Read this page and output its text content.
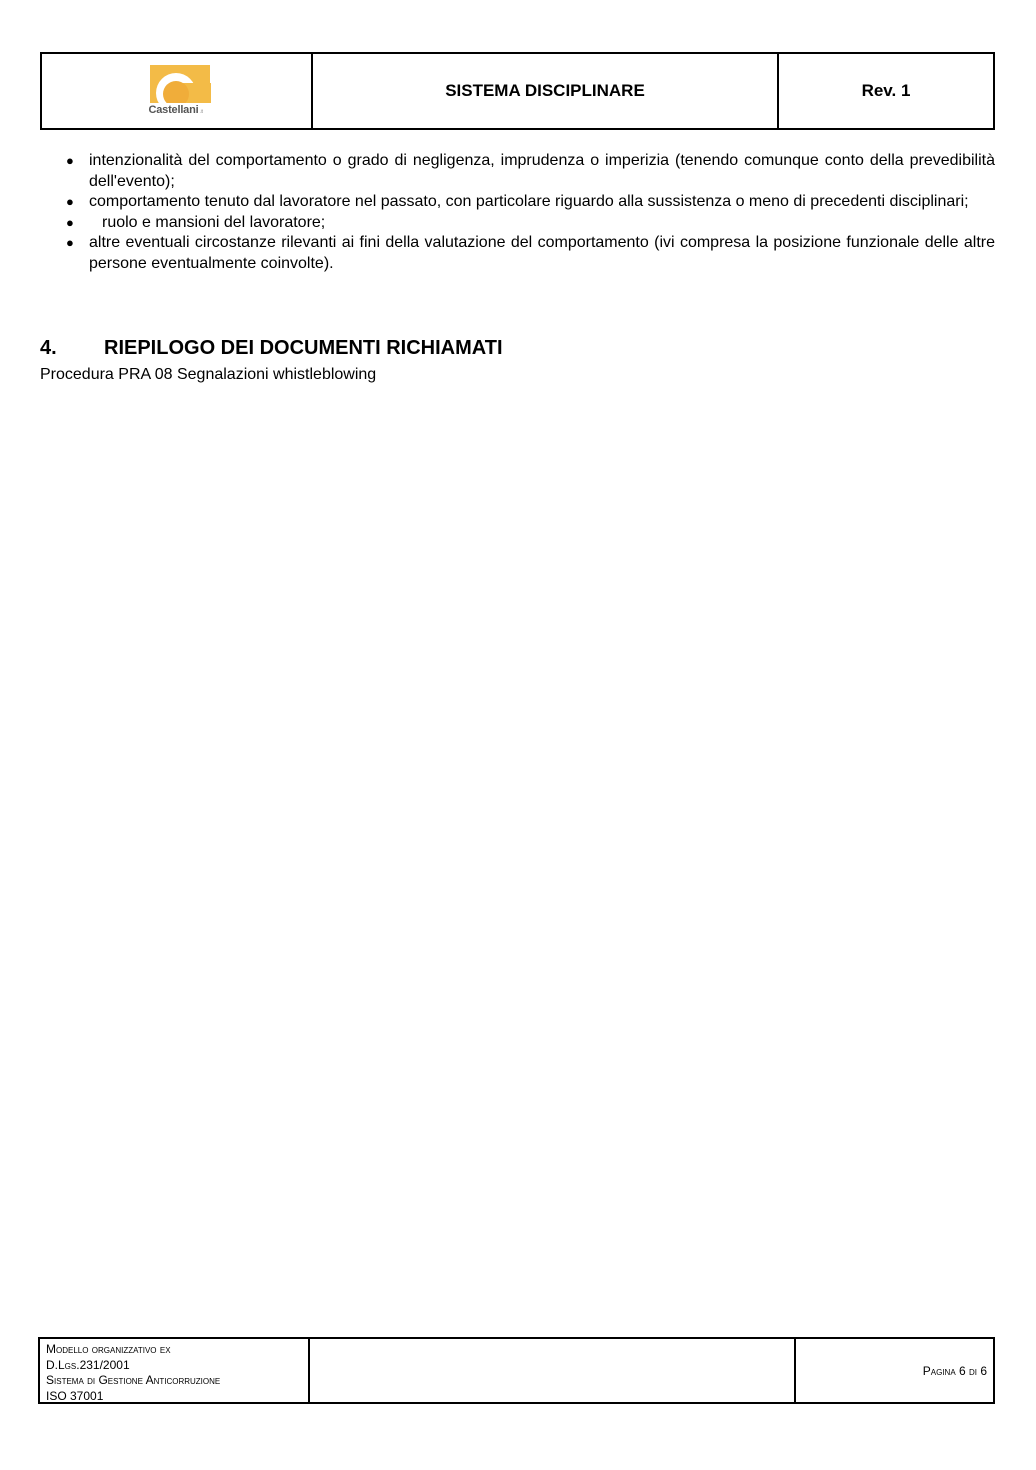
Castellani.it
SISTEMA DISCIPLINARE	Rev. 1
● intenzionalità del comportamento o grado di negligenza, imprudenza o imperizia (tenendo comunque conto della prevedibilità dell'evento);
● comportamento tenuto dal lavoratore nel passato, con particolare riguardo alla sussistenza o meno di precedenti disciplinari;
● ruolo e mansioni del lavoratore;
● altre eventuali circostanze rilevanti ai fini della valutazione del comportamento (ivi compresa la posizione funzionale delle altre persone eventualmente coinvolte).
4.	RIEPILOGO DEI DOCUMENTI RICHIAMATI
Procedura PRA 08 Segnalazioni whistleblowing
Modello organizzativo ex
D.Lgs.231/2001
Sistema di Gestione Anticorruzione
ISO 37001
Pagina 6 di 6
